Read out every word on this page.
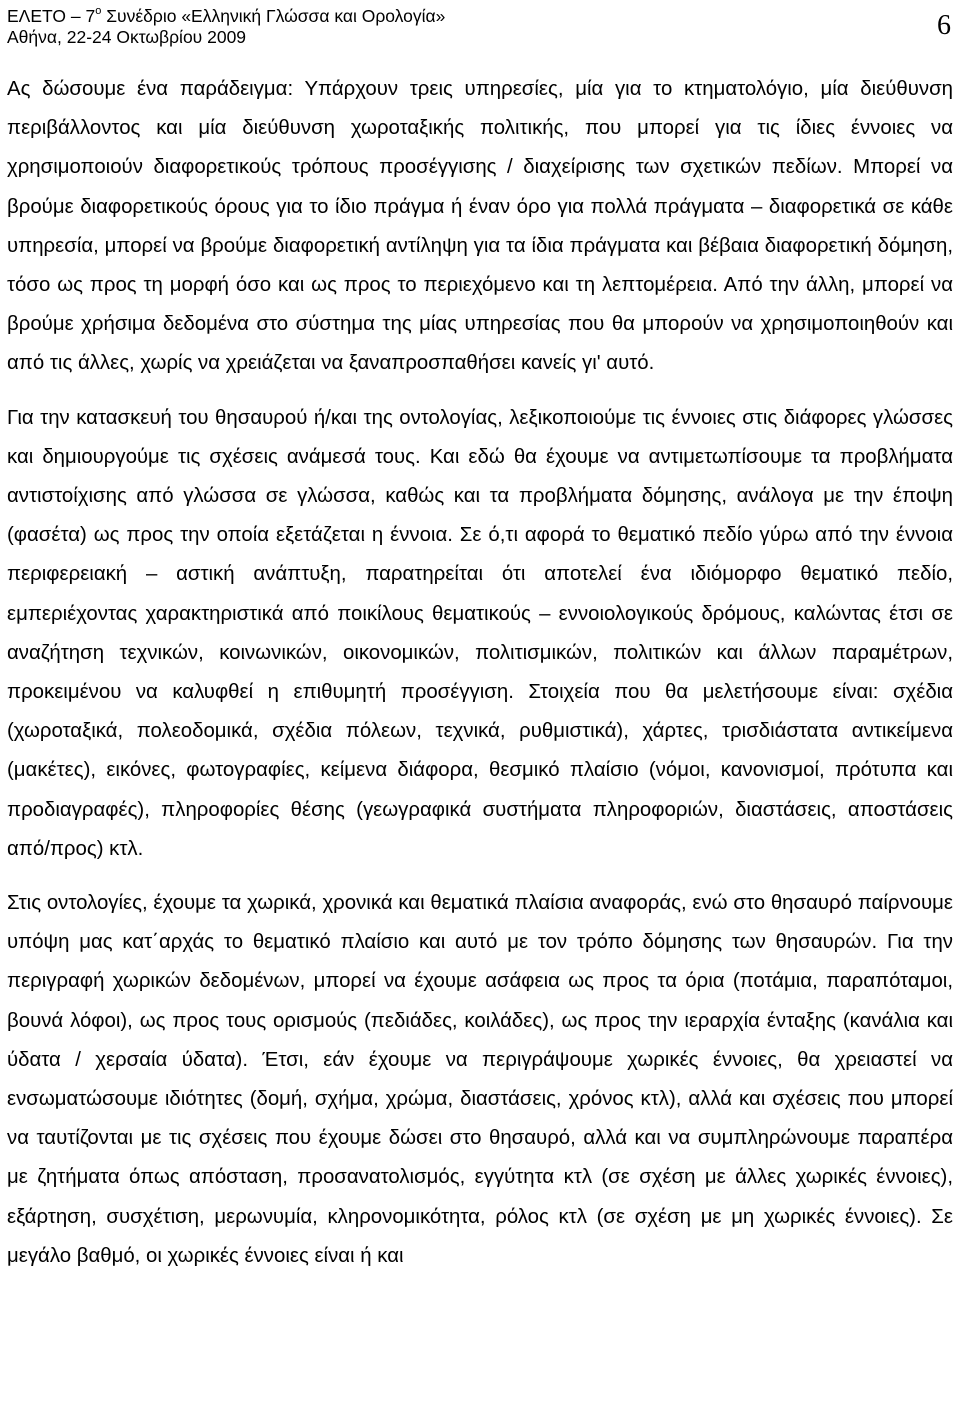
ΕΛΕΤΟ – $7^o$ Συνέδριο «Ελληνική Γλώσσα και Ορολογία»
Αθήνα, 22-24 Οκτωβρίου 2009	6

Ας δώσουμε ένα παράδειγμα: Υπάρχουν τρεις υπηρεσίες, μία για το κτηματολόγιο, μία διεύθυνση περιβάλλοντος και μία διεύθυνση χωροταξικής πολιτικής, που μπορεί για τις ίδιες έννοιες να χρησιμοποιούν διαφορετικούς τρόπους προσέγγισης / διαχείρισης των σχετικών πεδίων. Μπορεί να βρούμε διαφορετικούς όρους για το ίδιο πράγμα ή έναν όρο για πολλά πράγματα – διαφορετικά σε κάθε υπηρεσία, μπορεί να βρούμε διαφορετική αντίληψη για τα ίδια πράγματα και βέβαια διαφορετική δόμηση, τόσο ως προς τη μορφή όσο και ως προς το περιεχόμενο και τη λεπτομέρεια. Από την άλλη, μπορεί να βρούμε χρήσιμα δεδομένα στο σύστημα της μίας υπηρεσίας που θα μπορούν να χρησιμοποιηθούν και από τις άλλες, χωρίς να χρειάζεται να ξαναπροσπαθήσει κανείς γι' αυτό.

Για την κατασκευή του θησαυρού ή/και της οντολογίας, λεξικοποιούμε τις έννοιες στις διάφορες γλώσσες και δημιουργούμε τις σχέσεις ανάμεσά τους. Και εδώ θα έχουμε να αντιμετωπίσουμε τα προβλήματα αντιστοίχισης από γλώσσα σε γλώσσα, καθώς και τα προβλήματα δόμησης, ανάλογα με την έποψη (φασέτα) ως προς την οποία εξετάζεται η έννοια. Σε ό,τι αφορά το θεματικό πεδίο γύρω από την έννοια περιφερειακή – αστική ανάπτυξη, παρατηρείται ότι αποτελεί ένα ιδιόμορφο θεματικό πεδίο, εμπεριέχοντας χαρακτηριστικά από ποικίλους θεματικούς – εννοιολογικούς δρόμους, καλώντας έτσι σε αναζήτηση τεχνικών, κοινωνικών, οικονομικών, πολιτισμικών, πολιτικών και άλλων παραμέτρων, προκειμένου να καλυφθεί η επιθυμητή προσέγγιση. Στοιχεία που θα μελετήσουμε είναι: σχέδια (χωροταξικά, πολεοδομικά, σχέδια πόλεων, τεχνικά, ρυθμιστικά), χάρτες, τρισδιάστατα αντικείμενα (μακέτες), εικόνες, φωτογραφίες, κείμενα διάφορα, θεσμικό πλαίσιο (νόμοι, κανονισμοί, πρότυπα και προδιαγραφές), πληροφορίες θέσης (γεωγραφικά συστήματα πληροφοριών, διαστάσεις, αποστάσεις από/προς) κτλ.

Στις οντολογίες, έχουμε τα χωρικά, χρονικά και θεματικά πλαίσια αναφοράς, ενώ στο θησαυρό παίρνουμε υπόψη μας κατ΄αρχάς το θεματικό πλαίσιο και αυτό με τον τρόπο δόμησης των θησαυρών. Για την περιγραφή χωρικών δεδομένων, μπορεί να έχουμε ασάφεια ως προς τα όρια (ποτάμια, παραπόταμοι, βουνά λόφοι), ως προς τους ορισμούς (πεδιάδες, κοιλάδες), ως προς την ιεραρχία ένταξης (κανάλια και ύδατα / χερσαία ύδατα). Έτσι, εάν έχουμε να περιγράψουμε χωρικές έννοιες, θα χρειαστεί να ενσωματώσουμε ιδιότητες (δομή, σχήμα, χρώμα, διαστάσεις, χρόνος κτλ), αλλά και σχέσεις που μπορεί να ταυτίζονται με τις σχέσεις που έχουμε δώσει στο θησαυρό, αλλά και να συμπληρώνουμε παραπέρα με ζητήματα όπως απόσταση, προσανατολισμός, εγγύτητα κτλ (σε σχέση με άλλες χωρικές έννοιες), εξάρτηση, συσχέτιση, μερωνυμία, κληρονομικότητα, ρόλος κτλ (σε σχέση με μη χωρικές έννοιες). Σε μεγάλο βαθμό, οι χωρικές έννοιες είναι ή και
